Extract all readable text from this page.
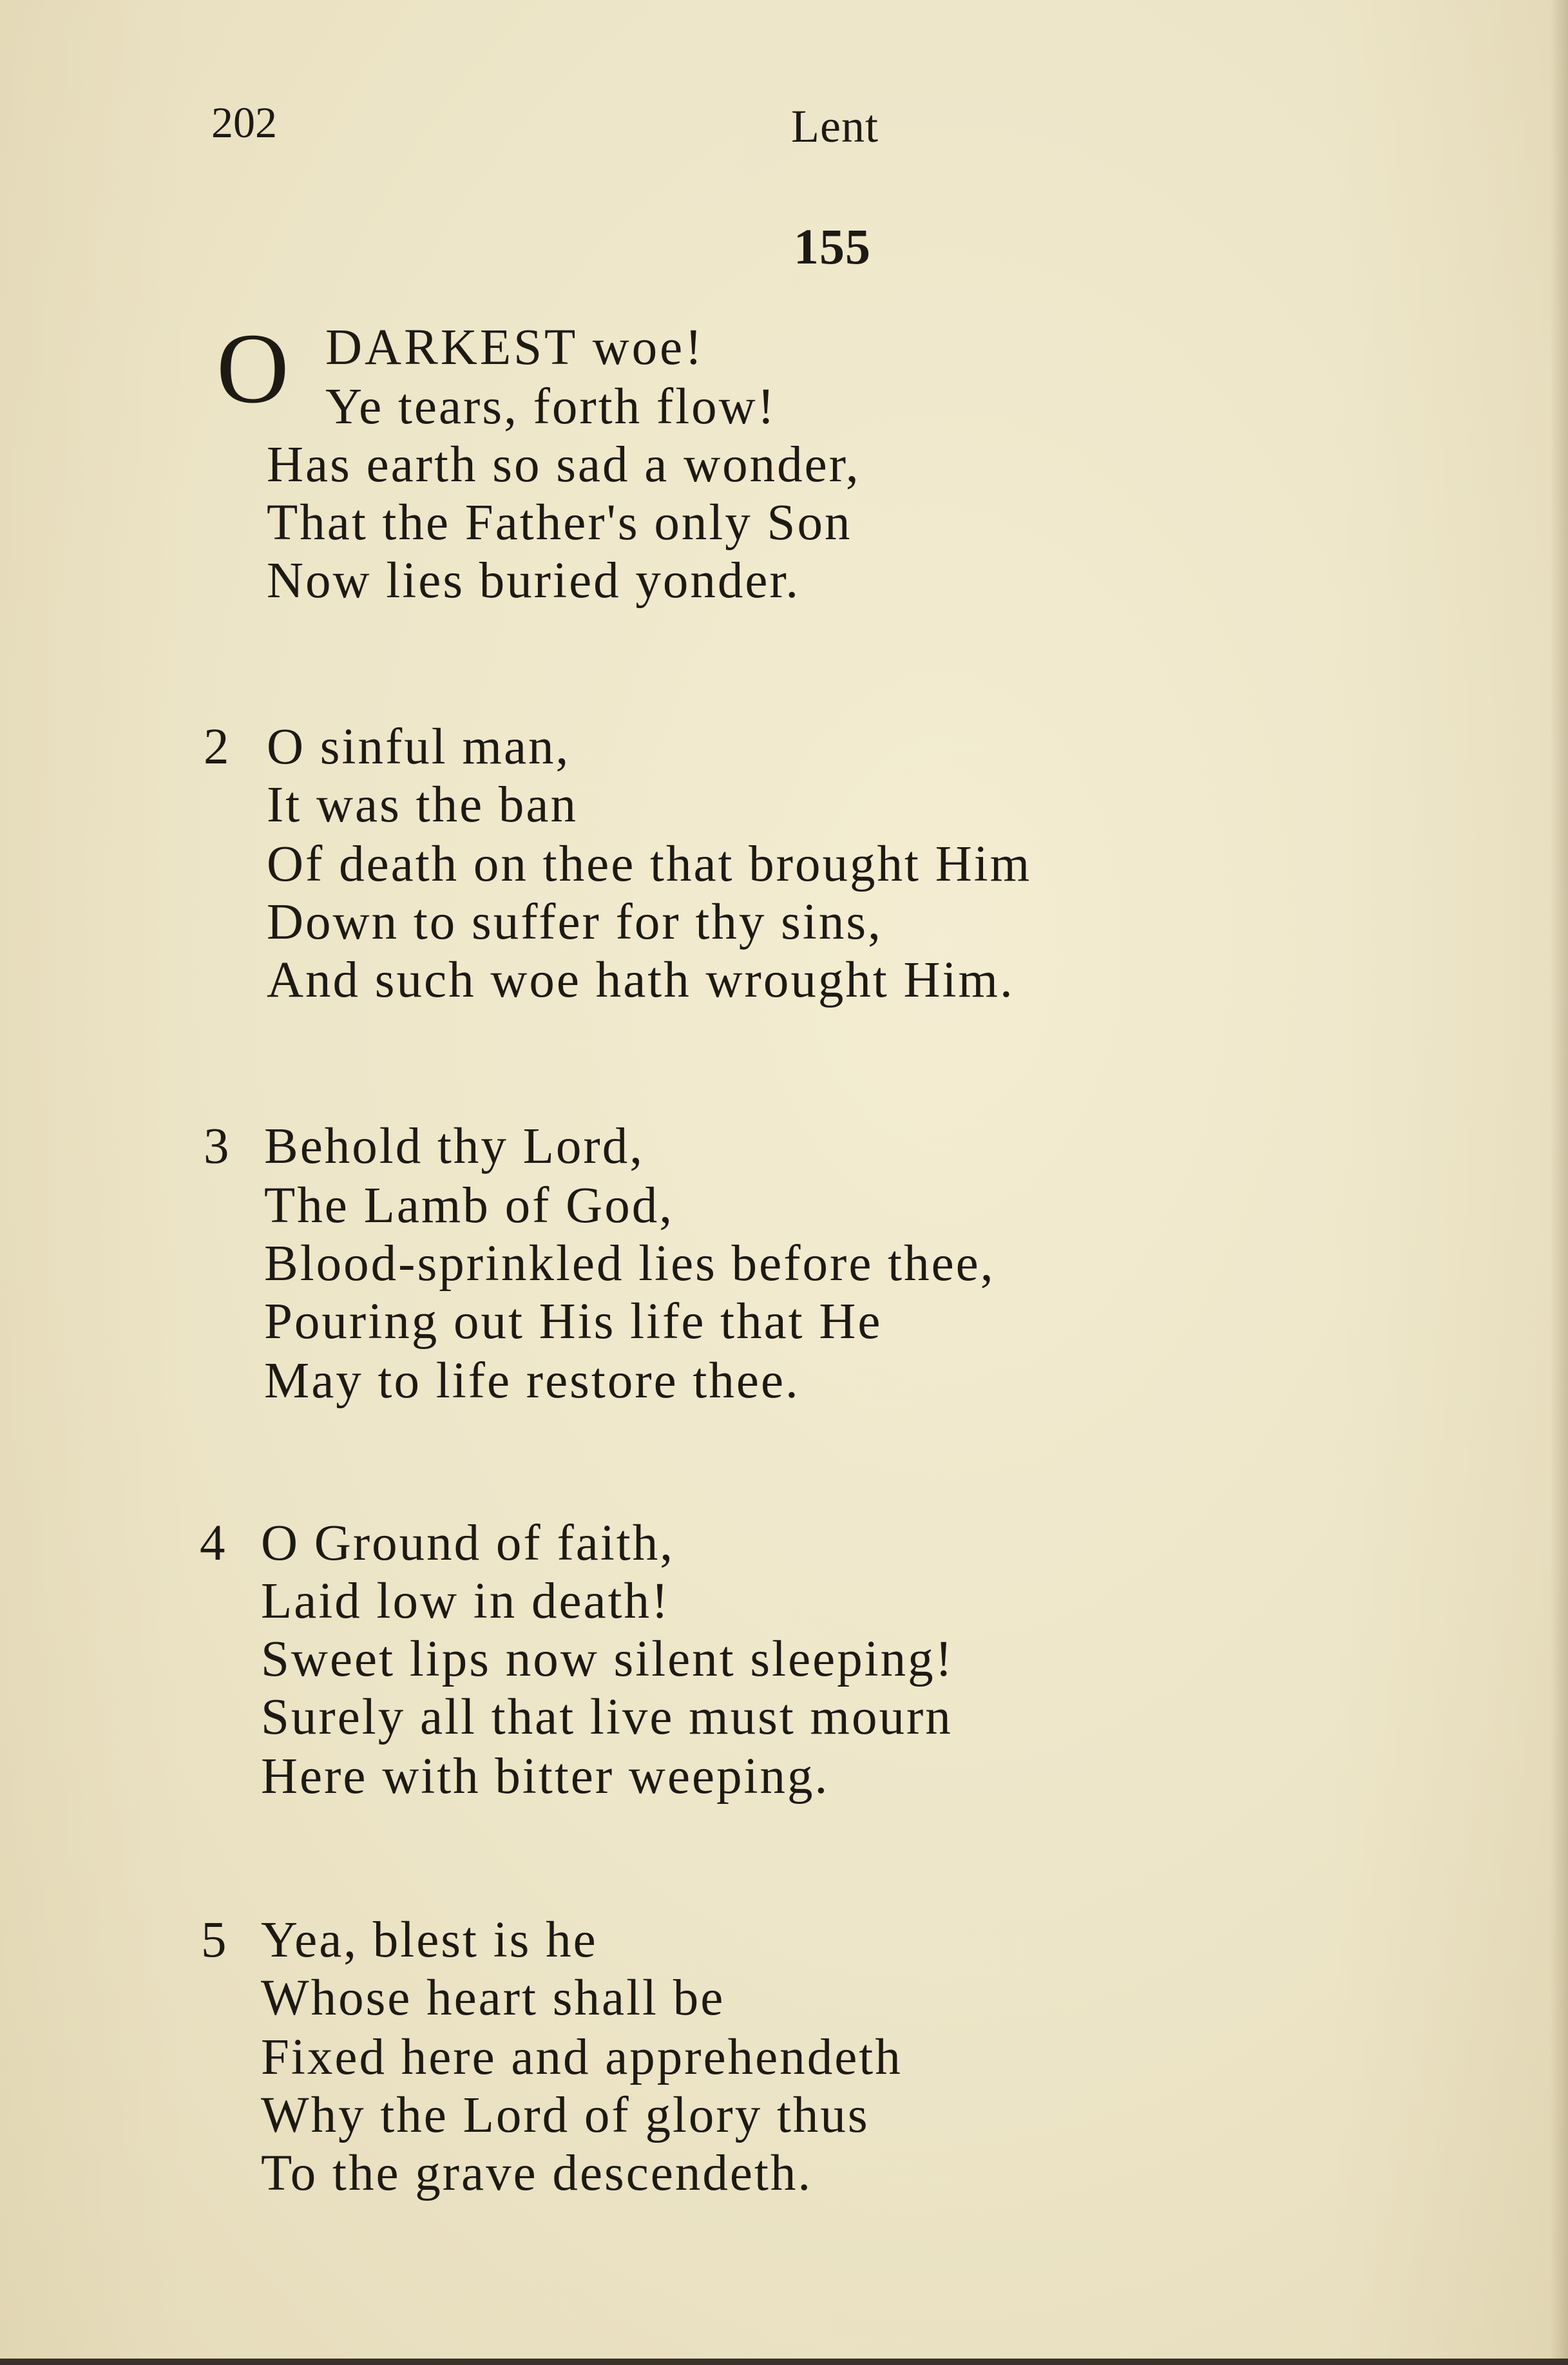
202	Lent
155
O DARKEST woe!
Ye tears, forth flow!
Has earth so sad a wonder,
That the Father's only Son
Now lies buried yonder.
2 O sinful man,
It was the ban
Of death on thee that brought Him
Down to suffer for thy sins,
And such woe hath wrought Him.
3 Behold thy Lord,
The Lamb of God,
Blood-sprinkled lies before thee,
Pouring out His life that He
May to life restore thee.
4 O Ground of faith,
Laid low in death!
Sweet lips now silent sleeping!
Surely all that live must mourn
Here with bitter weeping.
5 Yea, blest is he
Whose heart shall be
Fixed here and apprehendeth
Why the Lord of glory thus
To the grave descendeth.
